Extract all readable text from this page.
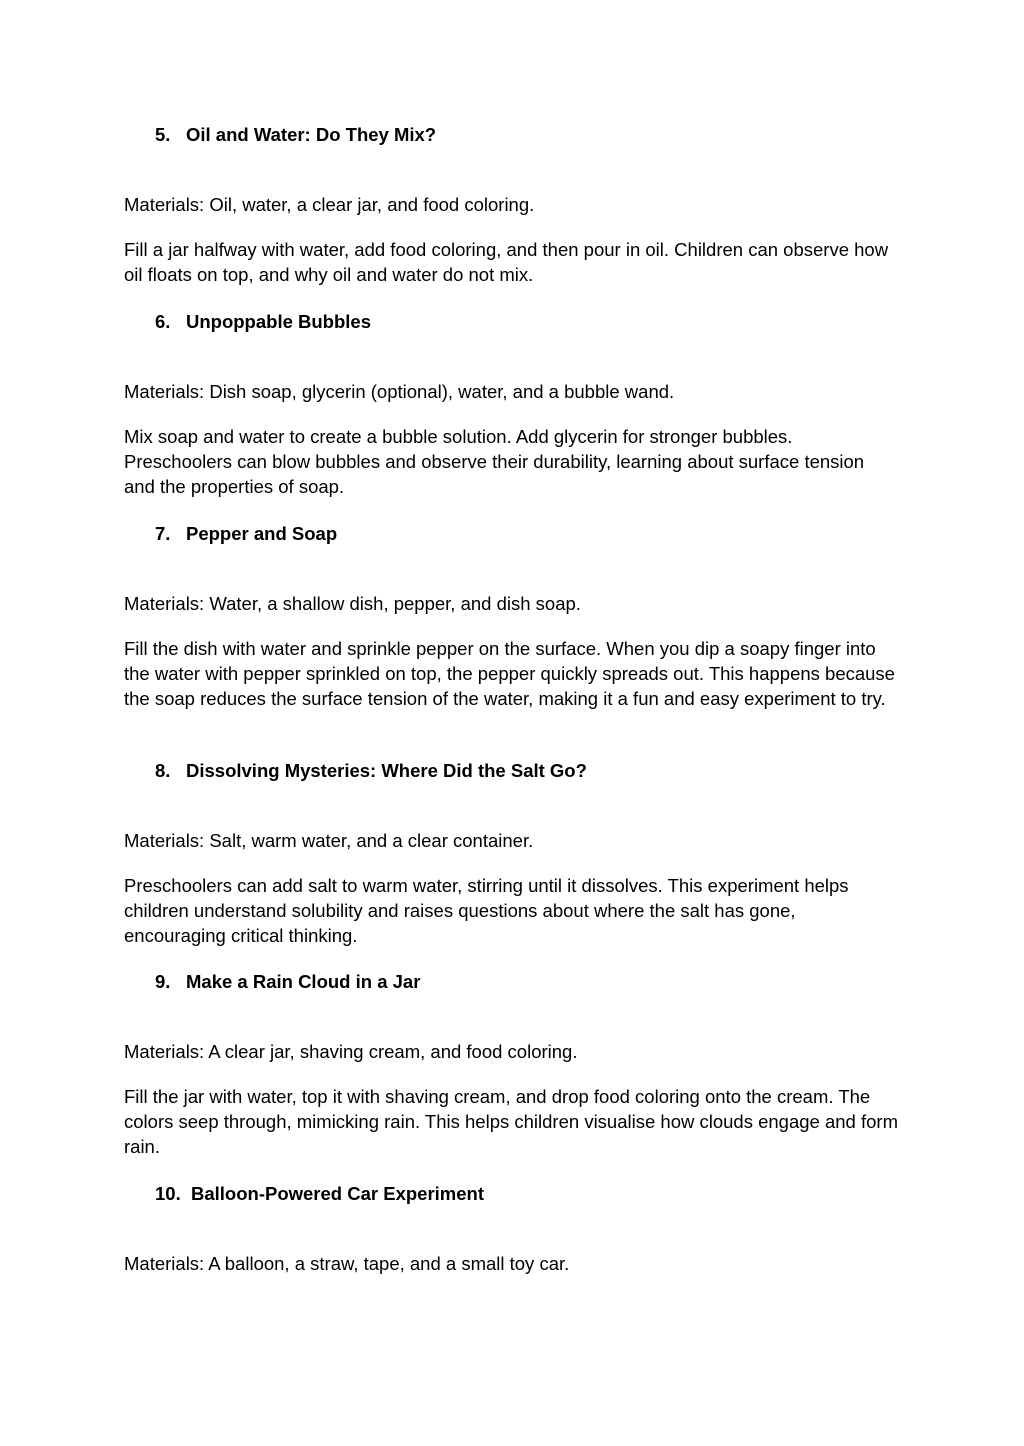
5. Oil and Water: Do They Mix?

Materials: Oil, water, a clear jar, and food coloring.

Fill a jar halfway with water, add food coloring, and then pour in oil. Children can observe how oil floats on top, and why oil and water do not mix.

6. Unpoppable Bubbles

Materials: Dish soap, glycerin (optional), water, and a bubble wand.

Mix soap and water to create a bubble solution. Add glycerin for stronger bubbles. Preschoolers can blow bubbles and observe their durability, learning about surface tension and the properties of soap.

7. Pepper and Soap

Materials: Water, a shallow dish, pepper, and dish soap.

Fill the dish with water and sprinkle pepper on the surface. When you dip a soapy finger into the water with pepper sprinkled on top, the pepper quickly spreads out. This happens because the soap reduces the surface tension of the water, making it a fun and easy experiment to try.

8. Dissolving Mysteries: Where Did the Salt Go?

Materials: Salt, warm water, and a clear container.

Preschoolers can add salt to warm water, stirring until it dissolves. This experiment helps children understand solubility and raises questions about where the salt has gone, encouraging critical thinking.

9. Make a Rain Cloud in a Jar

Materials: A clear jar, shaving cream, and food coloring.

Fill the jar with water, top it with shaving cream, and drop food coloring onto the cream. The colors seep through, mimicking rain. This helps children visualise how clouds engage and form rain.

10. Balloon-Powered Car Experiment

Materials: A balloon, a straw, tape, and a small toy car.
